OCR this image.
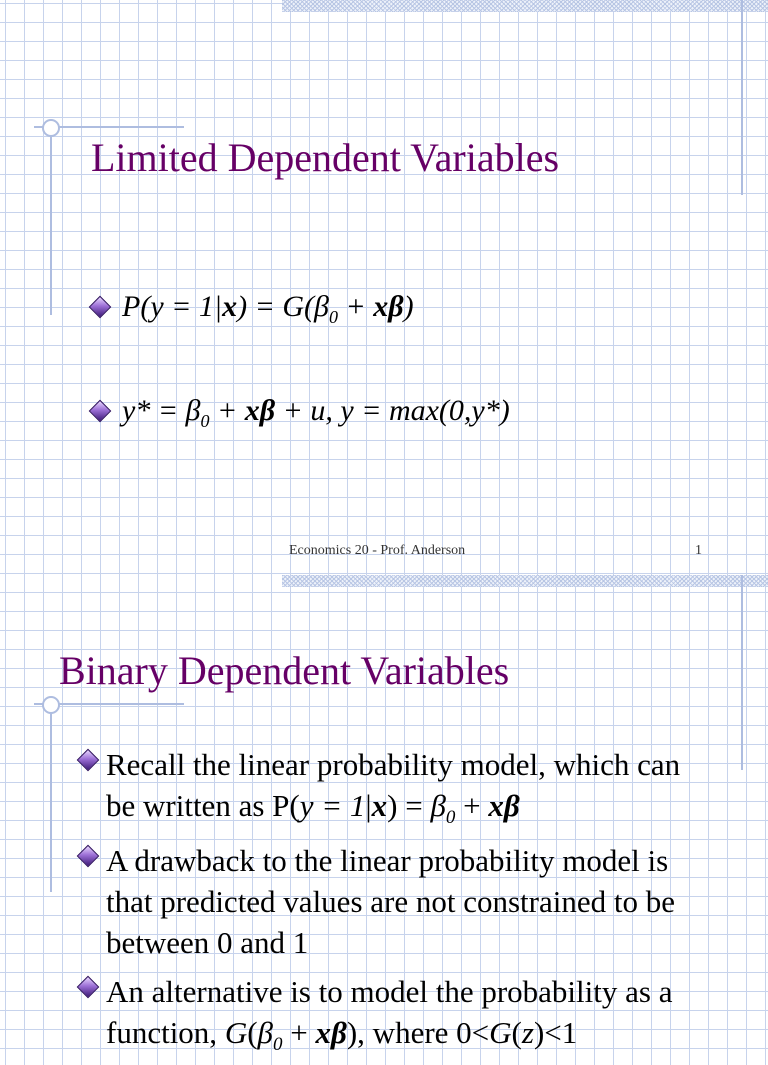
Limited Dependent Variables
$P(y = 1|x) = G(\beta_0 + x\beta)$
$y* = \beta_0 + x\beta + u$, y = max(0,y*)
Economics 20 - Prof. Anderson	1
Binary Dependent Variables
Recall the linear probability model, which can be written as $P(y = 1|x) = \beta_0 + x\beta$
A drawback to the linear probability model is that predicted values are not constrained to be between 0 and 1
An alternative is to model the probability as a function, $G(\beta_0 + x\beta)$, where 0<G(z)<1
